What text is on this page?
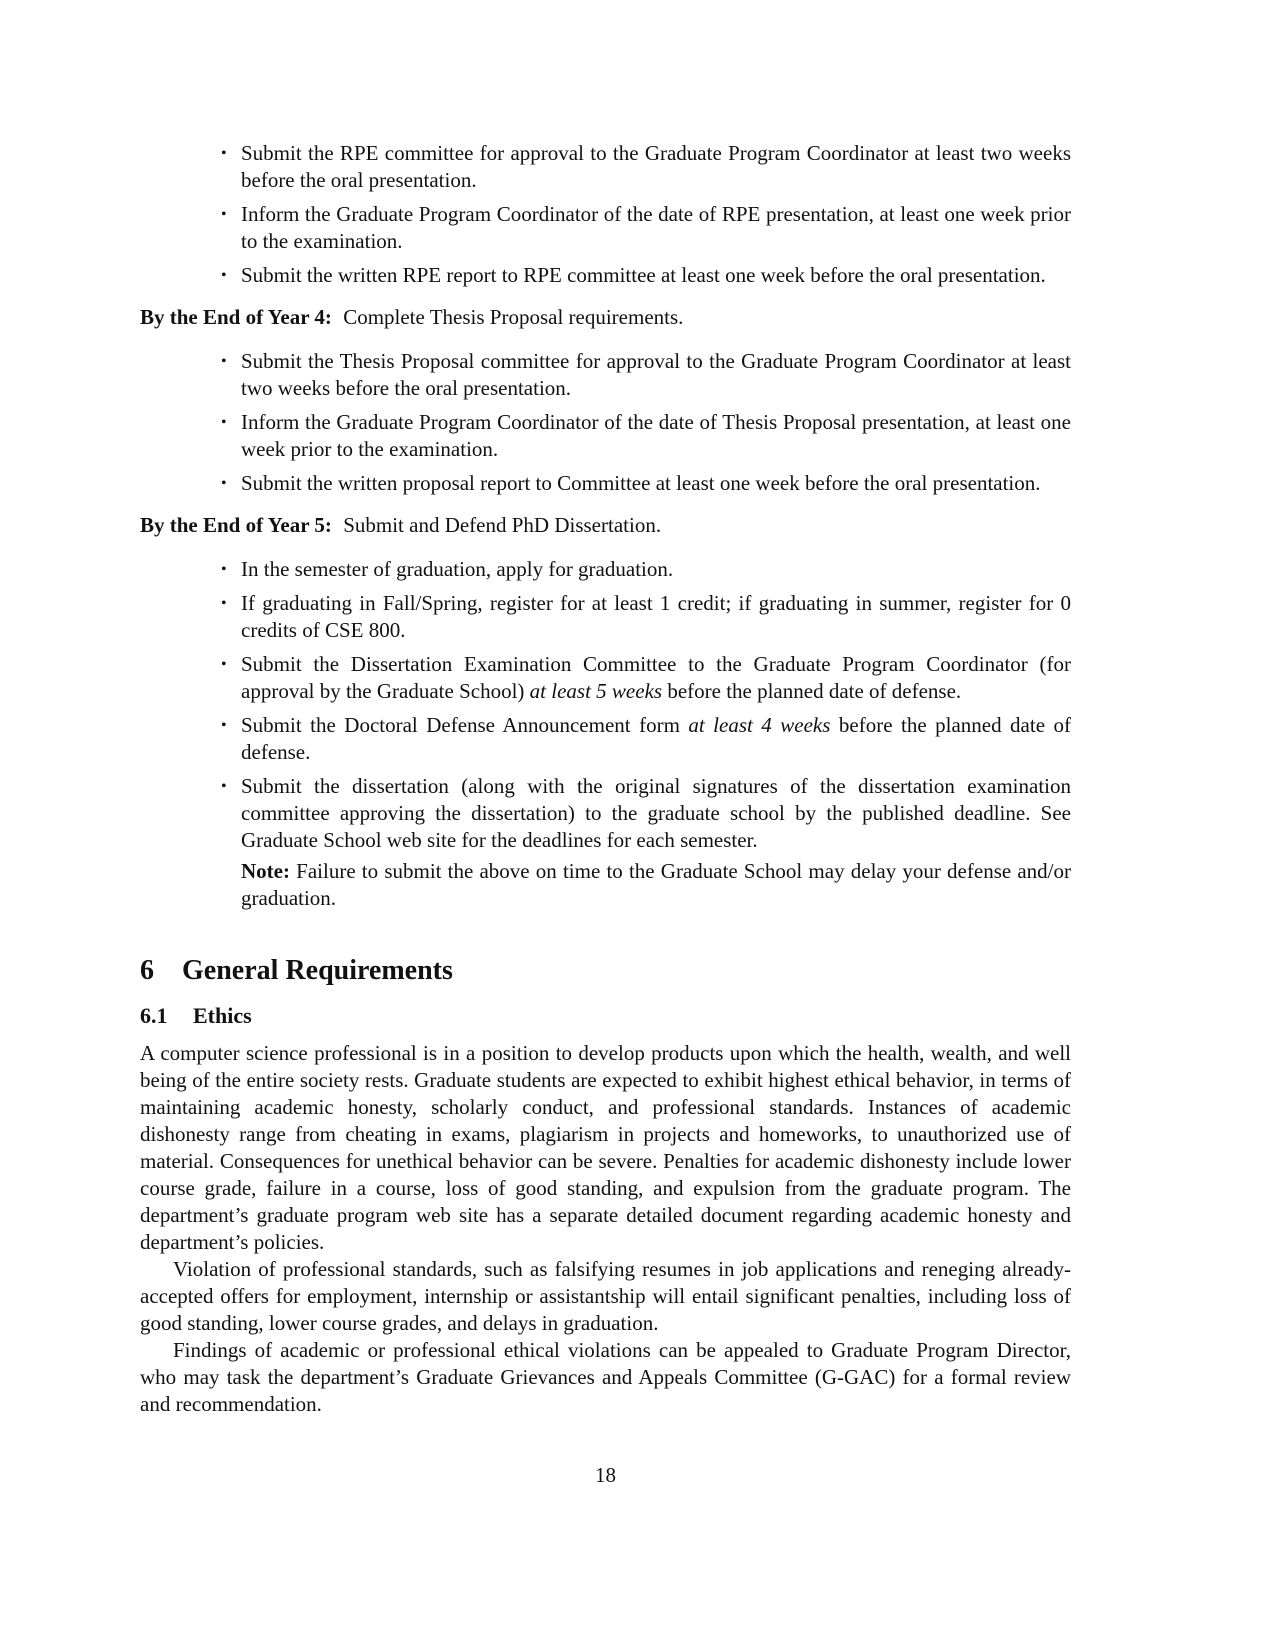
• Submit the RPE committee for approval to the Graduate Program Coordinator at least two weeks before the oral presentation.
• Inform the Graduate Program Coordinator of the date of RPE presentation, at least one week prior to the examination.
• Submit the written RPE report to RPE committee at least one week before the oral presentation.

By the End of Year 4: Complete Thesis Proposal requirements.

• Submit the Thesis Proposal committee for approval to the Graduate Program Coordinator at least two weeks before the oral presentation.
• Inform the Graduate Program Coordinator of the date of Thesis Proposal presentation, at least one week prior to the examination.
• Submit the written proposal report to Committee at least one week before the oral presentation.

By the End of Year 5: Submit and Defend PhD Dissertation.

• In the semester of graduation, apply for graduation.
• If graduating in Fall/Spring, register for at least 1 credit; if graduating in summer, register for 0 credits of CSE 800.
• Submit the Dissertation Examination Committee to the Graduate Program Coordinator (for approval by the Graduate School) at least 5 weeks before the planned date of defense.
• Submit the Doctoral Defense Announcement form at least 4 weeks before the planned date of defense.
• Submit the dissertation (along with the original signatures of the dissertation examination committee approving the dissertation) to the graduate school by the published deadline. See Graduate School web site for the deadlines for each semester.
Note: Failure to submit the above on time to the Graduate School may delay your defense and/or graduation.
6 General Requirements
6.1 Ethics

A computer science professional is in a position to develop products upon which the health, wealth, and well being of the entire society rests. Graduate students are expected to exhibit highest ethical behavior, in terms of maintaining academic honesty, scholarly conduct, and professional standards. Instances of academic dishonesty range from cheating in exams, plagiarism in projects and homeworks, to unauthorized use of material. Consequences for unethical behavior can be severe. Penalties for academic dishonesty include lower course grade, failure in a course, loss of good standing, and expulsion from the graduate program. The department’s graduate program web site has a separate detailed document regarding academic honesty and department’s policies.

Violation of professional standards, such as falsifying resumes in job applications and reneging already-accepted offers for employment, internship or assistantship will entail significant penalties, including loss of good standing, lower course grades, and delays in graduation.

Findings of academic or professional ethical violations can be appealed to Graduate Program Director, who may task the department’s Graduate Grievances and Appeals Committee (G-GAC) for a formal review and recommendation.

18
